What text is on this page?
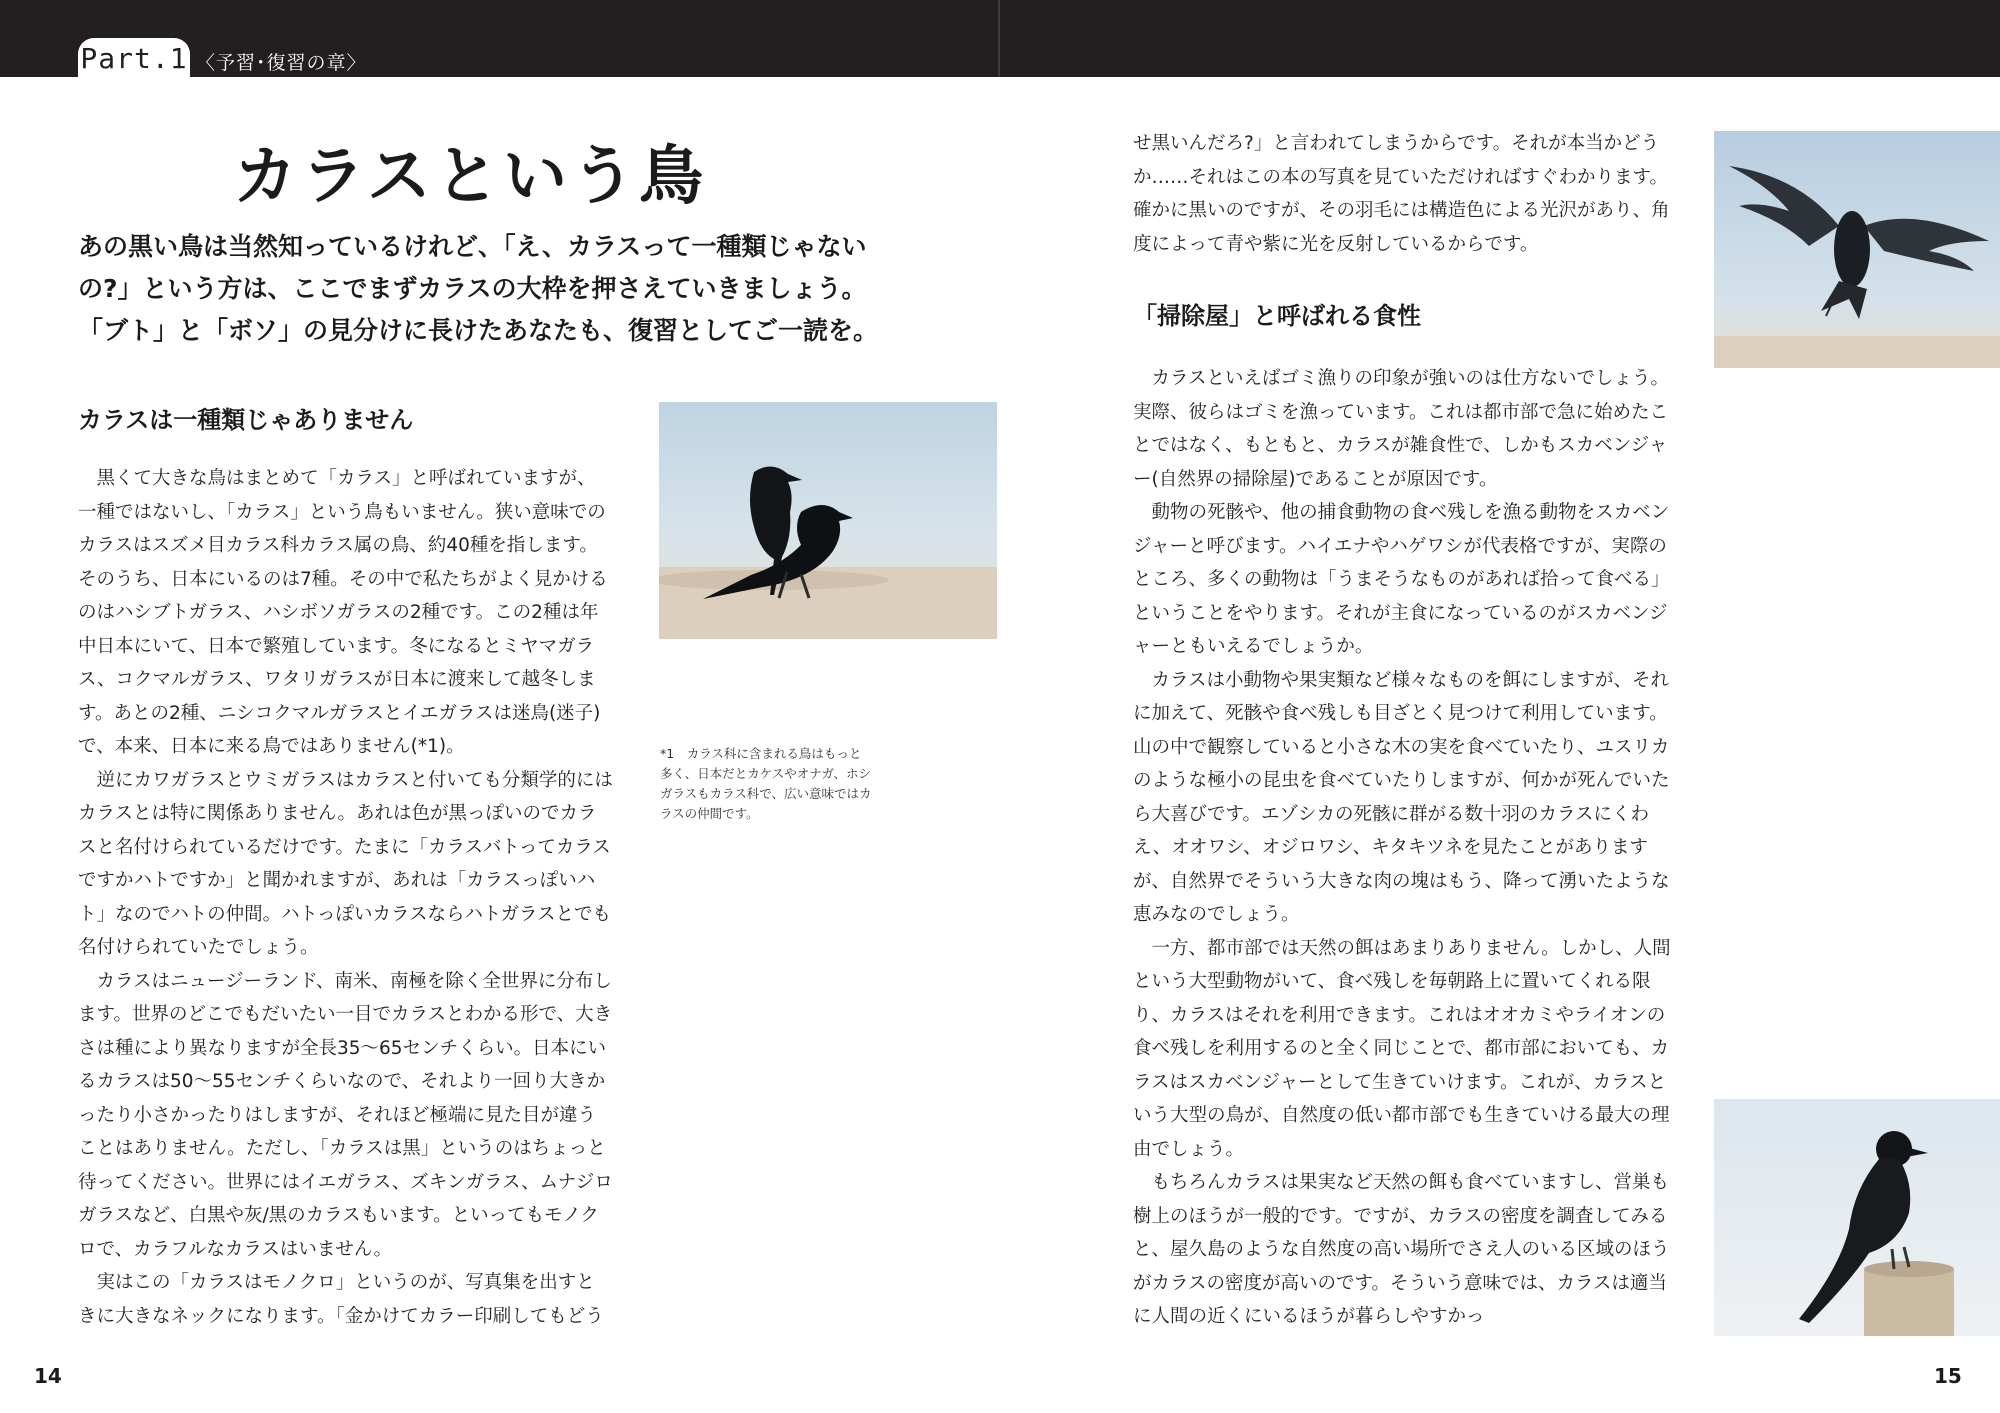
Part.1 〈予習･復習の章〉
カラスという鳥

あの黒い鳥は当然知っているけれど、「え、カラスって一種類じゃないの?」という方は、ここでまずカラスの大枠を押さえていきましょう。「ブト」と「ボソ」の見分けに長けたあなたも、復習としてご一読を。

カラスは一種類じゃありません

黒くて大きな鳥はまとめて「カラス」と呼ばれていますが、一種ではないし、「カラス」という鳥もいません。狭い意味でのカラスはスズメ目カラス科カラス属の鳥、約40種を指します。そのうち、日本にいるのは7種。その中で私たちがよく見かけるのはハシブトガラス、ハシボソガラスの2種です。この2種は年中日本にいて、日本で繁殖しています。冬になるとミヤマガラス、コクマルガラス、ワタリガラスが日本に渡来して越冬します。あとの2種、ニシコクマルガラスとイエガラスは迷鳥(迷子)で、本来、日本に来る鳥ではありません(*1)。

逆にカワガラスとウミガラスはカラスと付いても分類学的にはカラスとは特に関係ありません。あれは色が黒っぽいのでカラスと名付けられているだけです。たまに「カラスバトってカラスですかハトですか」と聞かれますが、あれは「カラスっぽいハト」なのでハトの仲間。ハトっぽいカラスならハトガラスとでも名付けられていたでしょう。

カラスはニュージーランド、南米、南極を除く全世界に分布します。世界のどこでもだいたい一目でカラスとわかる形で、大きさは種により異なりますが全長35〜65センチくらい。日本にいるカラスは50〜55センチくらいなので、それより一回り大きかったり小さかったりはしますが、それほど極端に見た目が違うことはありません。ただし、「カラスは黒」というのはちょっと待ってください。世界にはイエガラス、ズキンガラス、ムナジロガラスなど、白黒や灰/黒のカラスもいます。といってもモノクロで、カラフルなカラスはいません。

実はこの「カラスはモノクロ」というのが、写真集を出すときに大きなネックになります。「金かけてカラー印刷してもどう

*1　カラス科に含まれる鳥はもっと多く、日本だとカケスやオナガ、ホシガラスもカラス科で、広い意味ではカラスの仲間です。

せ黒いんだろ?」と言われてしまうからです。それが本当かどうか……それはこの本の写真を見ていただければすぐわかります。確かに黒いのですが、その羽毛には構造色による光沢があり、角度によって青や紫に光を反射しているからです。

「掃除屋」と呼ばれる食性

カラスといえばゴミ漁りの印象が強いのは仕方ないでしょう。実際、彼らはゴミを漁っています。これは都市部で急に始めたことではなく、もともと、カラスが雑食性で、しかもスカベンジャー(自然界の掃除屋)であることが原因です。

動物の死骸や、他の捕食動物の食べ残しを漁る動物をスカベンジャーと呼びます。ハイエナやハゲワシが代表格ですが、実際のところ、多くの動物は「うまそうなものがあれば拾って食べる」ということをやります。それが主食になっているのがスカベンジャーともいえるでしょうか。

カラスは小動物や果実類など様々なものを餌にしますが、それに加えて、死骸や食べ残しも目ざとく見つけて利用しています。山の中で観察していると小さな木の実を食べていたり、ユスリカのような極小の昆虫を食べていたりしますが、何かが死んでいたら大喜びです。エゾシカの死骸に群がる数十羽のカラスにくわえ、オオワシ、オジロワシ、キタキツネを見たことがありますが、自然界でそういう大きな肉の塊はもう、降って湧いたような恵みなのでしょう。

一方、都市部では天然の餌はあまりありません。しかし、人間という大型動物がいて、食べ残しを毎朝路上に置いてくれる限り、カラスはそれを利用できます。これはオオカミやライオンの食べ残しを利用するのと全く同じことで、都市部においても、カラスはスカベンジャーとして生きていけます。これが、カラスという大型の鳥が、自然度の低い都市部でも生きていける最大の理由でしょう。

もちろんカラスは果実など天然の餌も食べていますし、営巣も樹上のほうが一般的です。ですが、カラスの密度を調査してみると、屋久島のような自然度の高い場所でさえ人のいる区域のほうがカラスの密度が高いのです。そういう意味では、カラスは適当に人間の近くにいるほうが暮らしやすかっ

14	15
